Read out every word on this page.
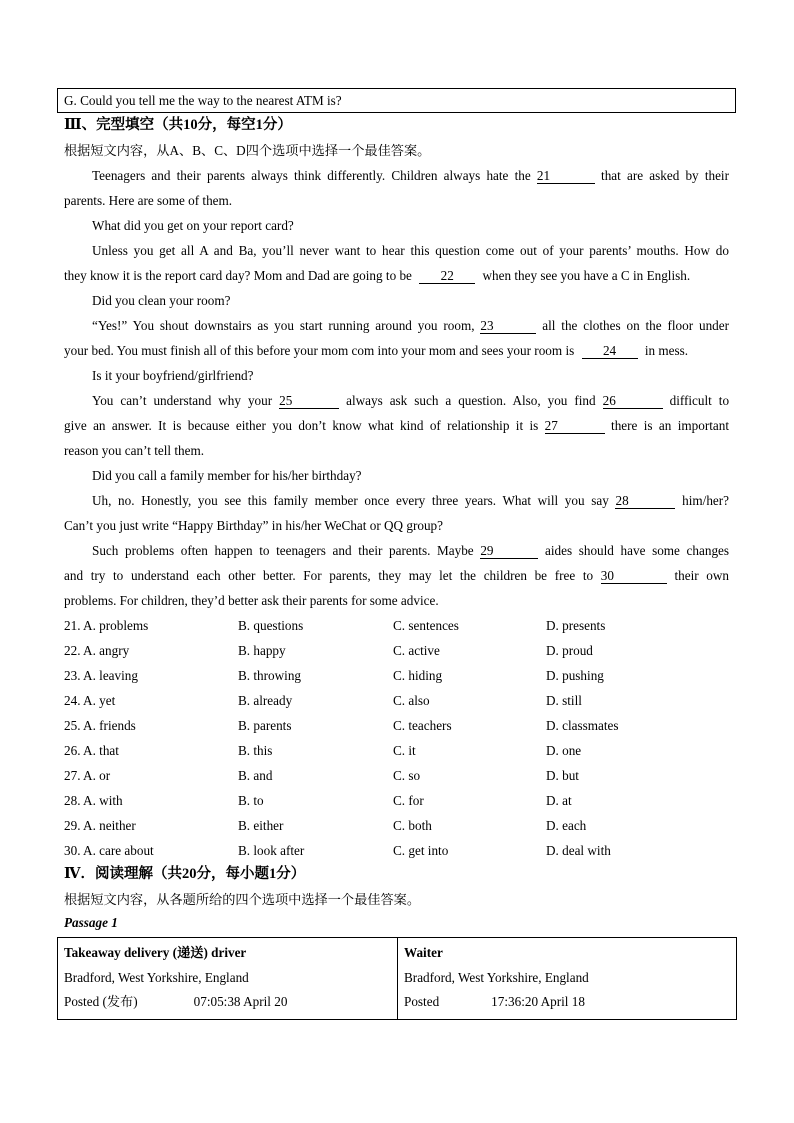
G. Could you tell me the way to the nearest ATM is?
Ⅲ、完型填空（共10分，每空1分）
根据短文内容，从A、B、C、D四个选项中选择一个最佳答案。
Teenagers and their parents always think differently. Children always hate the 21	that are asked by their
parents. Here are some of them.
What did you get on your report card?
Unless you get all A and Ba, you’ll never want to hear this question come out of your parents’ mouths. How do
they know it is the report card day? Mom and Dad are going to be 22 when they see you have a C in English.
Did you clean your room?
“Yes!” You shout downstairs as you start running around you room, 23	all the clothes on the floor under
your bed. You must finish all of this before your mom com into your mom and sees your room is 24 in mess.
Is it your boyfriend/girlfriend?
You can’t understand why your 25	always ask such a question. Also, you find 26	difficult to
give an answer. It is because either you don’t know what kind of relationship it is 27	there is an important
reason you can’t tell them.
Did you call a family member for his/her birthday?
Uh, no. Honestly, you see this family member once every three years. What will you say 28	him/her?
Can’t you just write “Happy Birthday” in his/her WeChat or QQ group?
Such problems often happen to teenagers and their parents. Maybe 29	aides should have some changes
and try to understand each other better. For parents, they may let the children be free to 30	their own
problems. For children, they’d better ask their parents for some advice.
21. A. problems	B. questions	C. sentences	D. presents
22. A. angry	B. happy	C. active	D. proud
23. A. leaving	B. throwing	C. hiding	D. pushing
24. A. yet	B. already	C. also	D. still
25. A. friends	B. parents	C. teachers	D. classmates
26. A. that	B. this	C. it	D. one
27. A. or	B. and	C. so	D. but
28. A. with	B. to	C. for	D. at
29. A. neither	B. either	C. both	D. each
30. A. care about	B. look after	C. get into	D. deal with
Ⅳ．阅读理解（共20分，每小题1分）
根据短文内容，从各题所给的四个选项中选择一个最佳答案。
Passage 1
Takeaway delivery (递送) driver
Bradford, West Yorkshire, England
Posted (发布)	07:05:38 April 20

Waiter
Bradford, West Yorkshire, England
Posted	17:36:20 April 18
